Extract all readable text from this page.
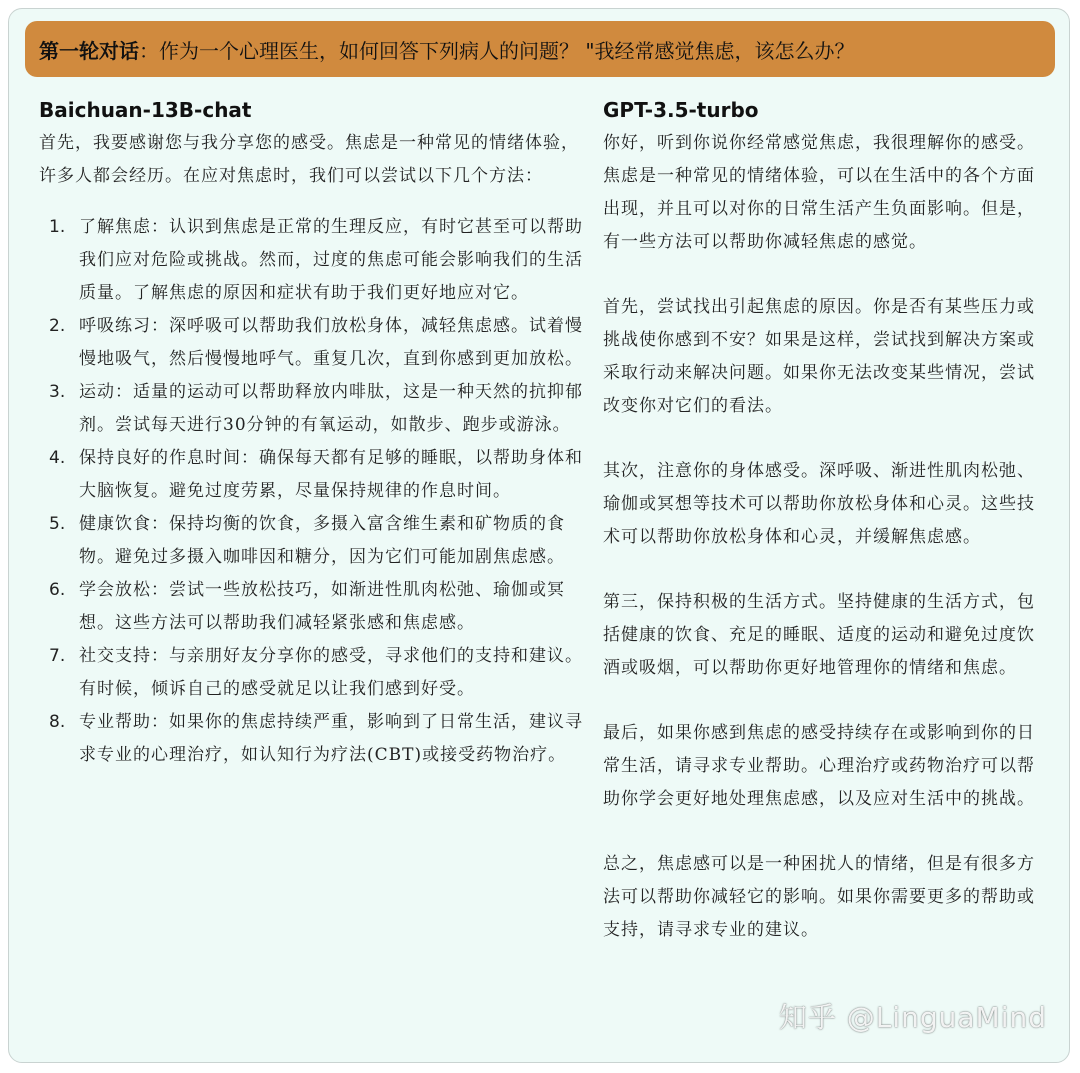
第一轮对话 ：作为一个心理医生，如何回答下列病人的问题？ "我经常感觉焦虑，该怎么办？
Baichuan-13B-chat

首先，我要感谢您与我分享您的感受。焦虑是一种常见的情绪体验，许多人都会经历。在应对焦虑时，我们可以尝试以下几个方法：

1. 了解焦虑：认识到焦虑是正常的生理反应，有时它甚至可以帮助我们应对危险或挑战。然而，过度的焦虑可能会影响我们的生活质量。了解焦虑的原因和症状有助于我们更好地应对它。
2. 呼吸练习：深呼吸可以帮助我们放松身体，减轻焦虑感。试着慢慢地吸气，然后慢慢地呼气。重复几次，直到你感到更加放松。
3. 运动：适量的运动可以帮助释放内啡肽，这是一种天然的抗抑郁剂。尝试每天进行30分钟的有氧运动，如散步、跑步或游泳。
4. 保持良好的作息时间：确保每天都有足够的睡眠，以帮助身体和大脑恢复。避免过度劳累，尽量保持规律的作息时间。
5. 健康饮食：保持均衡的饮食，多摄入富含维生素和矿物质的食物。避免过多摄入咖啡因和糖分，因为它们可能加剧焦虑感。
6. 学会放松：尝试一些放松技巧，如渐进性肌肉松弛、瑜伽或冥想。这些方法可以帮助我们减轻紧张感和焦虑感。
7. 社交支持：与亲朋好友分享你的感受，寻求他们的支持和建议。有时候，倾诉自己的感受就足以让我们感到好受。
8. 专业帮助：如果你的焦虑持续严重，影响到了日常生活，建议寻求专业的心理治疗，如认知行为疗法(CBT)或接受药物治疗。
GPT-3.5-turbo

你好，听到你说你经常感觉焦虑，我很理解你的感受。焦虑是一种常见的情绪体验，可以在生活中的各个方面出现，并且可以对你的日常生活产生负面影响。但是，有一些方法可以帮助你减轻焦虑的感觉。

首先，尝试找出引起焦虑的原因。你是否有某些压力或挑战使你感到不安？如果是这样，尝试找到解决方案或采取行动来解决问题。如果你无法改变某些情况，尝试改变你对它们的看法。

其次，注意你的身体感受。深呼吸、渐进性肌肉松弛、瑜伽或冥想等技术可以帮助你放松身体和心灵。这些技术可以帮助你放松身体和心灵，并缓解焦虑感。

第三，保持积极的生活方式。坚持健康的生活方式，包括健康的饮食、充足的睡眠、适度的运动和避免过度饮酒或吸烟，可以帮助你更好地管理你的情绪和焦虑。

最后，如果你感到焦虑的感受持续存在或影响到你的日常生活，请寻求专业帮助。心理治疗或药物治疗可以帮助你学会更好地处理焦虑感，以及应对生活中的挑战。

总之，焦虑感可以是一种困扰人的情绪，但是有很多方法可以帮助你减轻它的影响。如果你需要更多的帮助或支持，请寻求专业的建议。

知乎 @LinguaMind
